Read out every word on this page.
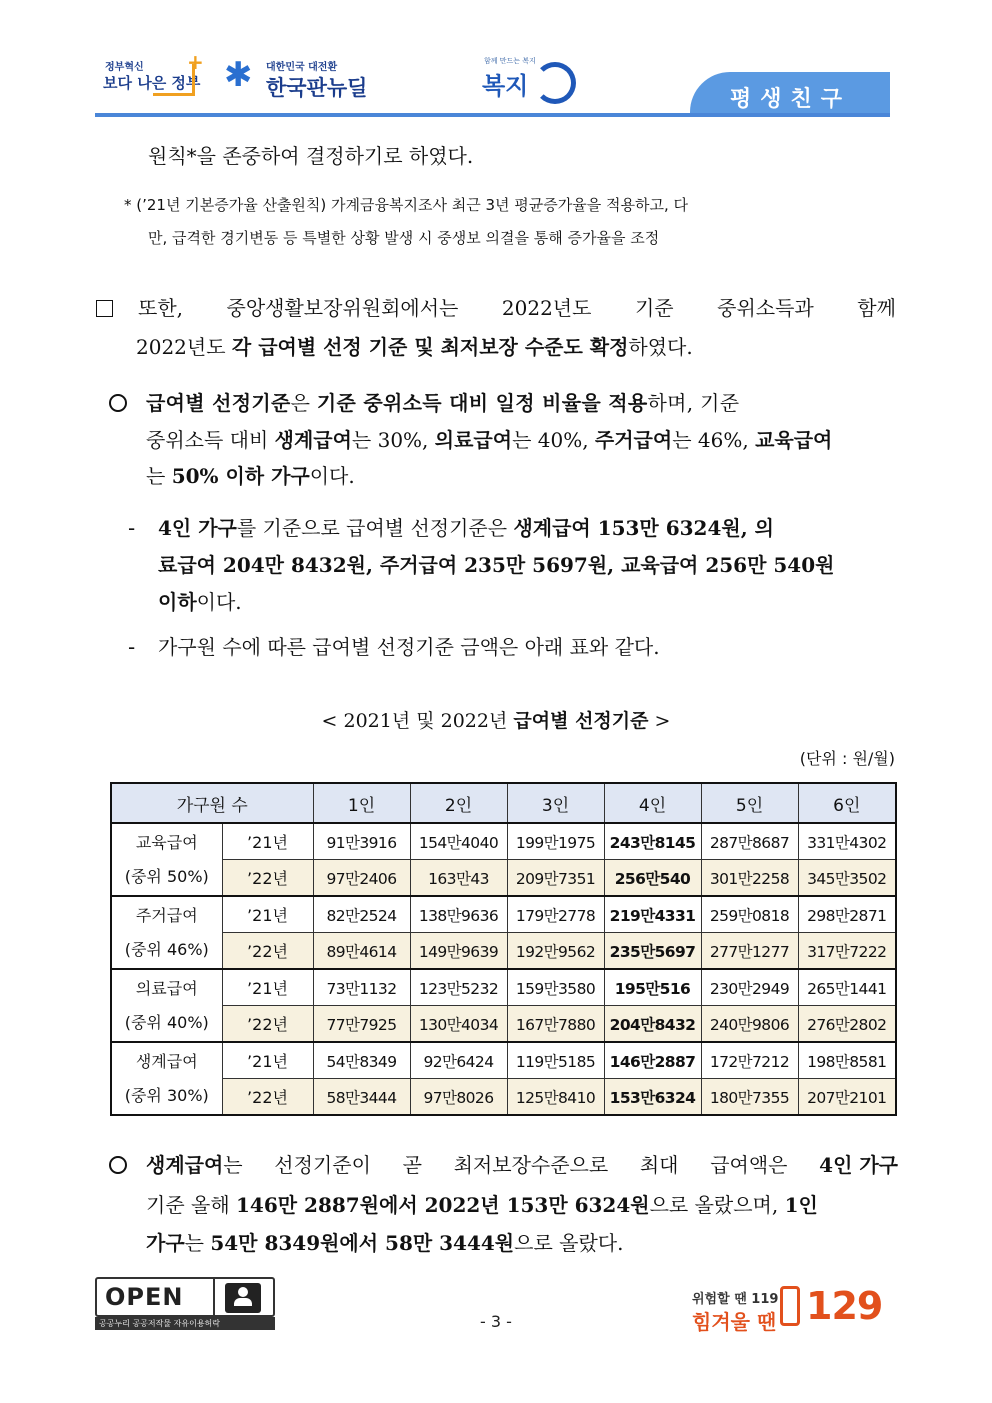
정부혁신
보다 나은 정부
+ ✱ 대한민국 대전환
한국판뉴딜
함께 만드는 복지
복지	평생친구
원칙*을 존중하여 결정하기로 하였다.
* (’21년 기본증가율 산출원칙) 가계금융복지조사 최근 3년 평균증가율을 적용하고, 다
만, 급격한 경기변동 등 특별한 상황 발생 시 중생보 의결을 통해 증가율을 조정
또한, 중앙생활보장위원회에서는 2022년도 기준 중위소득과 함께
2022년도 각 급여별 선정 기준 및 최저보장 수준도 확정하였다.
급여별 선정기준은 기준 중위소득 대비 일정 비율을 적용하며, 기준
중위소득 대비 생계급여는 30%, 의료급여는 40%, 주거급여는 46%, 교육급여
는 50% 이하 가구이다.
- 4인 가구를 기준으로 급여별 선정기준은 생계급여 153만 6324원, 의
료급여 204만 8432원, 주거급여 235만 5697원, 교육급여 256만 540원
이하이다.
- 가구원 수에 따른 급여별 선정기준 금액은 아래 표와 같다.
< 2021년 및 2022년 급여별 선정기준 >
(단위 : 원/월)
가구원 수		1인	2인	3인	4인	5인	6인
교육급여
(중위 50%)	’21년	91만3916	154만4040	199만1975	243만8145	287만8687	331만4302
	’22년	97만2406	163만43	209만7351	256만540	301만2258	345만3502
주거급여
(중위 46%)	’21년	82만2524	138만9636	179만2778	219만4331	259만0818	298만2871
	’22년	89만4614	149만9639	192만9562	235만5697	277만1277	317만7222
의료급여
(중위 40%)	’21년	73만1132	123만5232	159만3580	195만516	230만2949	265만1441
	’22년	77만7925	130만4034	167만7880	204만8432	240만9806	276만2802
생계급여
(중위 30%)	’21년	54만8349	92만6424	119만5185	146만2887	172만7212	198만8581
	’22년	58만3444	97만8026	125만8410	153만6324	180만7355	207만2101
생계급여는 선정기준이 곧 최저보장수준으로 최대 급여액은 4인 가구
기준 올해 146만 2887원에서 2022년 153만 6324원으로 올랐으며, 1인
가구는 54만 8349원에서 58만 3444원으로 올랐다.
OPEN
공공누리 공공저작물 자유이용허락	- 3 -
위험할 땐 119
힘겨울 땐 129
